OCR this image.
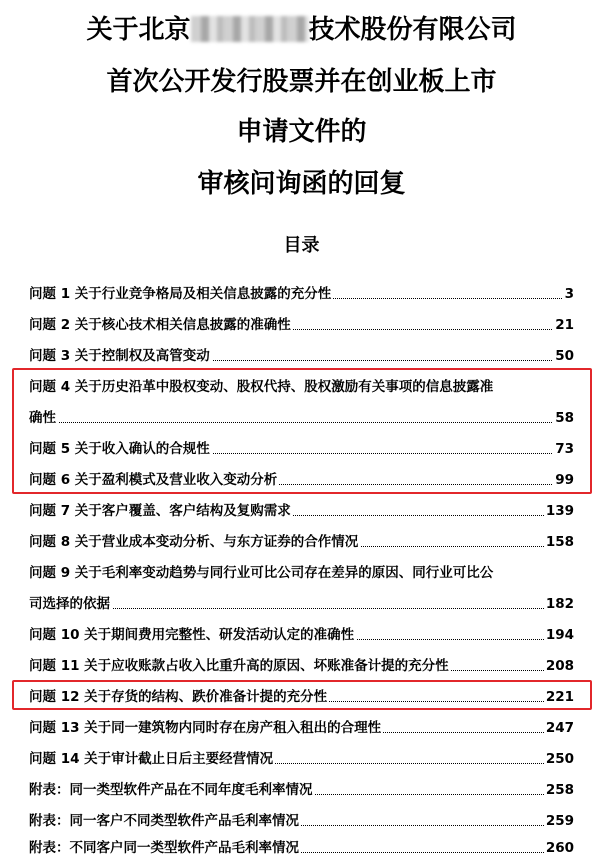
关于北京	技术股份有限公司
首次公开发行股票并在创业板上市
申请文件的
审核问询函的回复
目录
问题 1 关于行业竞争格局及相关信息披露的充分性	3
问题 2 关于核心技术相关信息披露的准确性	21
问题 3 关于控制权及高管变动	50
问题 4 关于历史沿革中股权变动、股权代持、股权激励有关事项的信息披露准
确性	58
问题 5 关于收入确认的合规性	73
问题 6 关于盈利模式及营业收入变动分析	99
问题 7 关于客户覆盖、客户结构及复购需求	139
问题 8 关于营业成本变动分析、与东方证券的合作情况	158
问题 9 关于毛利率变动趋势与同行业可比公司存在差异的原因、同行业可比公
司选择的依据	182
问题 10 关于期间费用完整性、研发活动认定的准确性	194
问题 11 关于应收账款占收入比重升高的原因、坏账准备计提的充分性	208
问题 12 关于存货的结构、跌价准备计提的充分性	221
问题 13 关于同一建筑物内同时存在房产租入租出的合理性	247
问题 14 关于审计截止日后主要经营情况	250
附表：同一类型软件产品在不同年度毛利率情况	258
附表：同一客户不同类型软件产品毛利率情况	259
附表：不同客户同一类型软件产品毛利率情况	260
